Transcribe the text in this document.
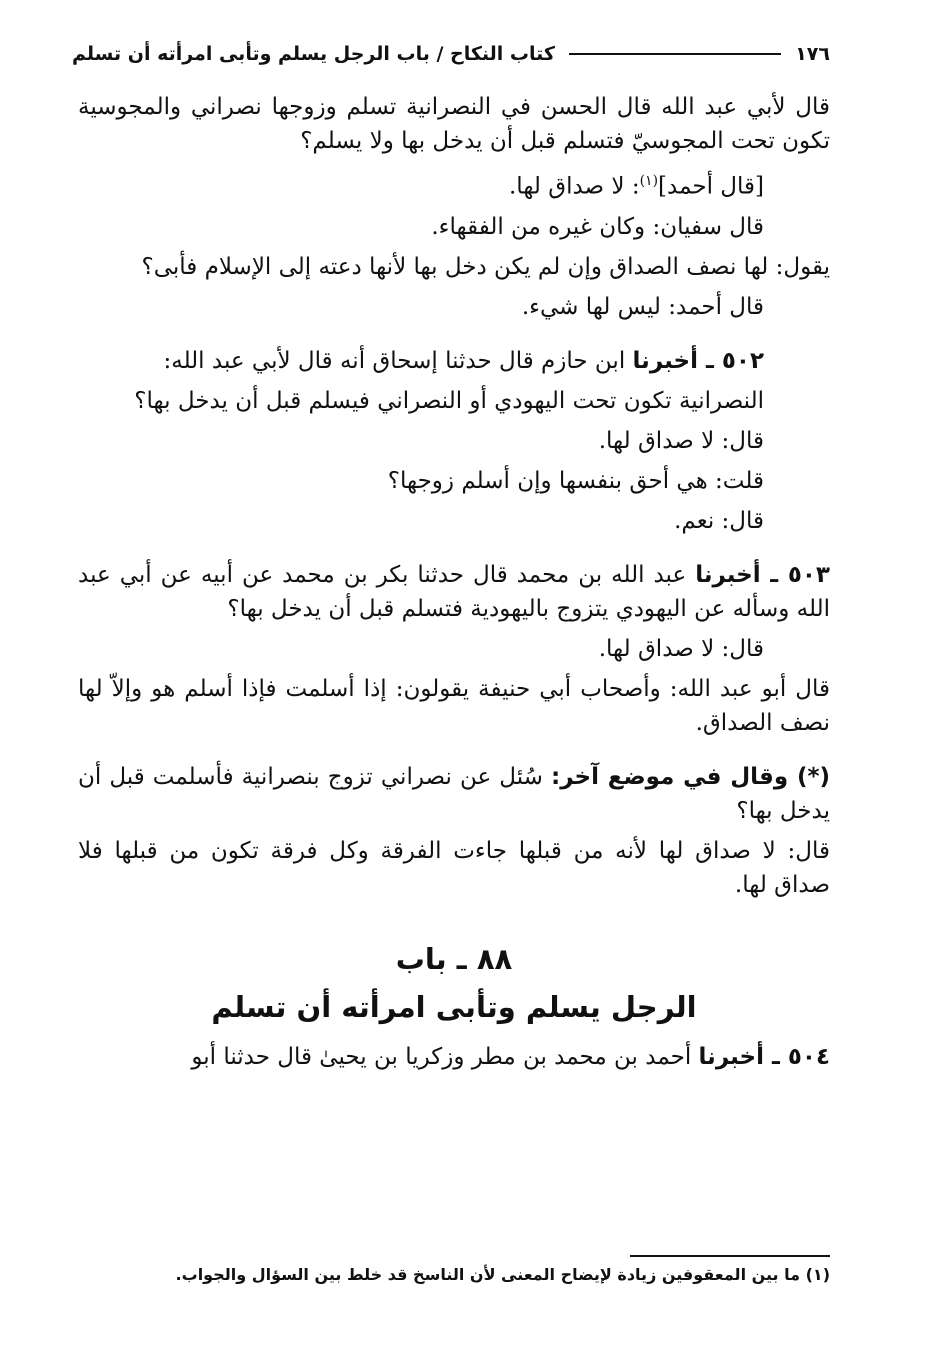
١٧٦
كتاب النكاح / باب الرجل يسلم وتأبى امرأته أن تسلم

قال لأبي عبد الله قال الحسن في النصرانية تسلم وزوجها نصراني والمجوسية تكون تحت المجوسيّ فتسلم قبل أن يدخل بها ولا يسلم؟

[قال أحمد]$^{(١)}$: لا صداق لها.

قال سفيان: وكان غيره من الفقهاء.

يقول: لها نصف الصداق وإن لم يكن دخل بها لأنها دعته إلى الإسلام فأبى؟

قال أحمد: ليس لها شيء.

٥٠٢ ـ أخبرنا ابن حازم قال حدثنا إسحاق أنه قال لأبي عبد الله:

النصرانية تكون تحت اليهودي أو النصراني فيسلم قبل أن يدخل بها؟

قال: لا صداق لها.

قلت: هي أحق بنفسها وإن أسلم زوجها؟

قال: نعم.

٥٠٣ ـ أخبرنا عبد الله بن محمد قال حدثنا بكر بن محمد عن أبيه عن أبي عبد الله وسأله عن اليهودي يتزوج باليهودية فتسلم قبل أن يدخل بها؟

قال: لا صداق لها.

قال أبو عبد الله: وأصحاب أبي حنيفة يقولون: إذا أسلمت فإذا أسلم هو وإلاّ لها نصف الصداق.

(*) وقال في موضع آخر: سُئل عن نصراني تزوج بنصرانية فأسلمت قبل أن يدخل بها؟

قال: لا صداق لها لأنه من قبلها جاءت الفرقة وكل فرقة تكون من قبلها فلا صداق لها.

٨٨ ـ باب
الرجل يسلم وتأبى امرأته أن تسلم

٥٠٤ ـ أخبرنا أحمد بن محمد بن مطر وزكريا بن يحيىٰ قال حدثنا أبو

(١) ما بين المعقوفين زيادة لإيضاح المعنى لأن الناسخ قد خلط بين السؤال والجواب.
